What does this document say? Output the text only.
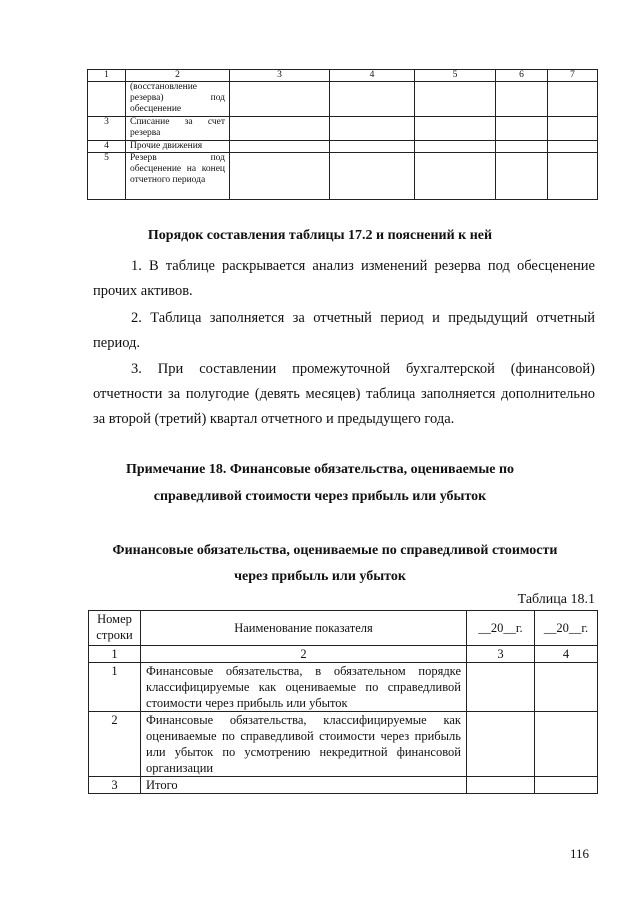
1	2	3	4	5	6	7
	(восстановление резерва) под обесценение					
3	Списание за счет резерва					
4	Прочие движения					
5	Резерв под обесценение на конец отчетного периода					
Порядок составления таблицы 17.2 и пояснений к ней
1. В таблице раскрывается анализ изменений резерва под обесценение прочих активов.
2. Таблица заполняется за отчетный период и предыдущий отчетный период.
3. При составлении промежуточной бухгалтерской (финансовой) отчетности за полугодие (девять месяцев) таблица заполняется дополнительно за второй (третий) квартал отчетного и предыдущего года.
Примечание 18. Финансовые обязательства, оцениваемые по
справедливой стоимости через прибыль или убыток
Финансовые обязательства, оцениваемые по справедливой стоимости
через прибыль или убыток
Таблица 18.1
Номер строки	Наименование показателя	__20__г.	__20__г.
1	2	3	4
1	Финансовые обязательства, в обязательном порядке классифицируемые как оцениваемые по справедливой стоимости через прибыль или убыток		
2	Финансовые обязательства, классифицируемые как оцениваемые по справедливой стоимости через прибыль или убыток по усмотрению некредитной финансовой организации		
3	Итого		
116
